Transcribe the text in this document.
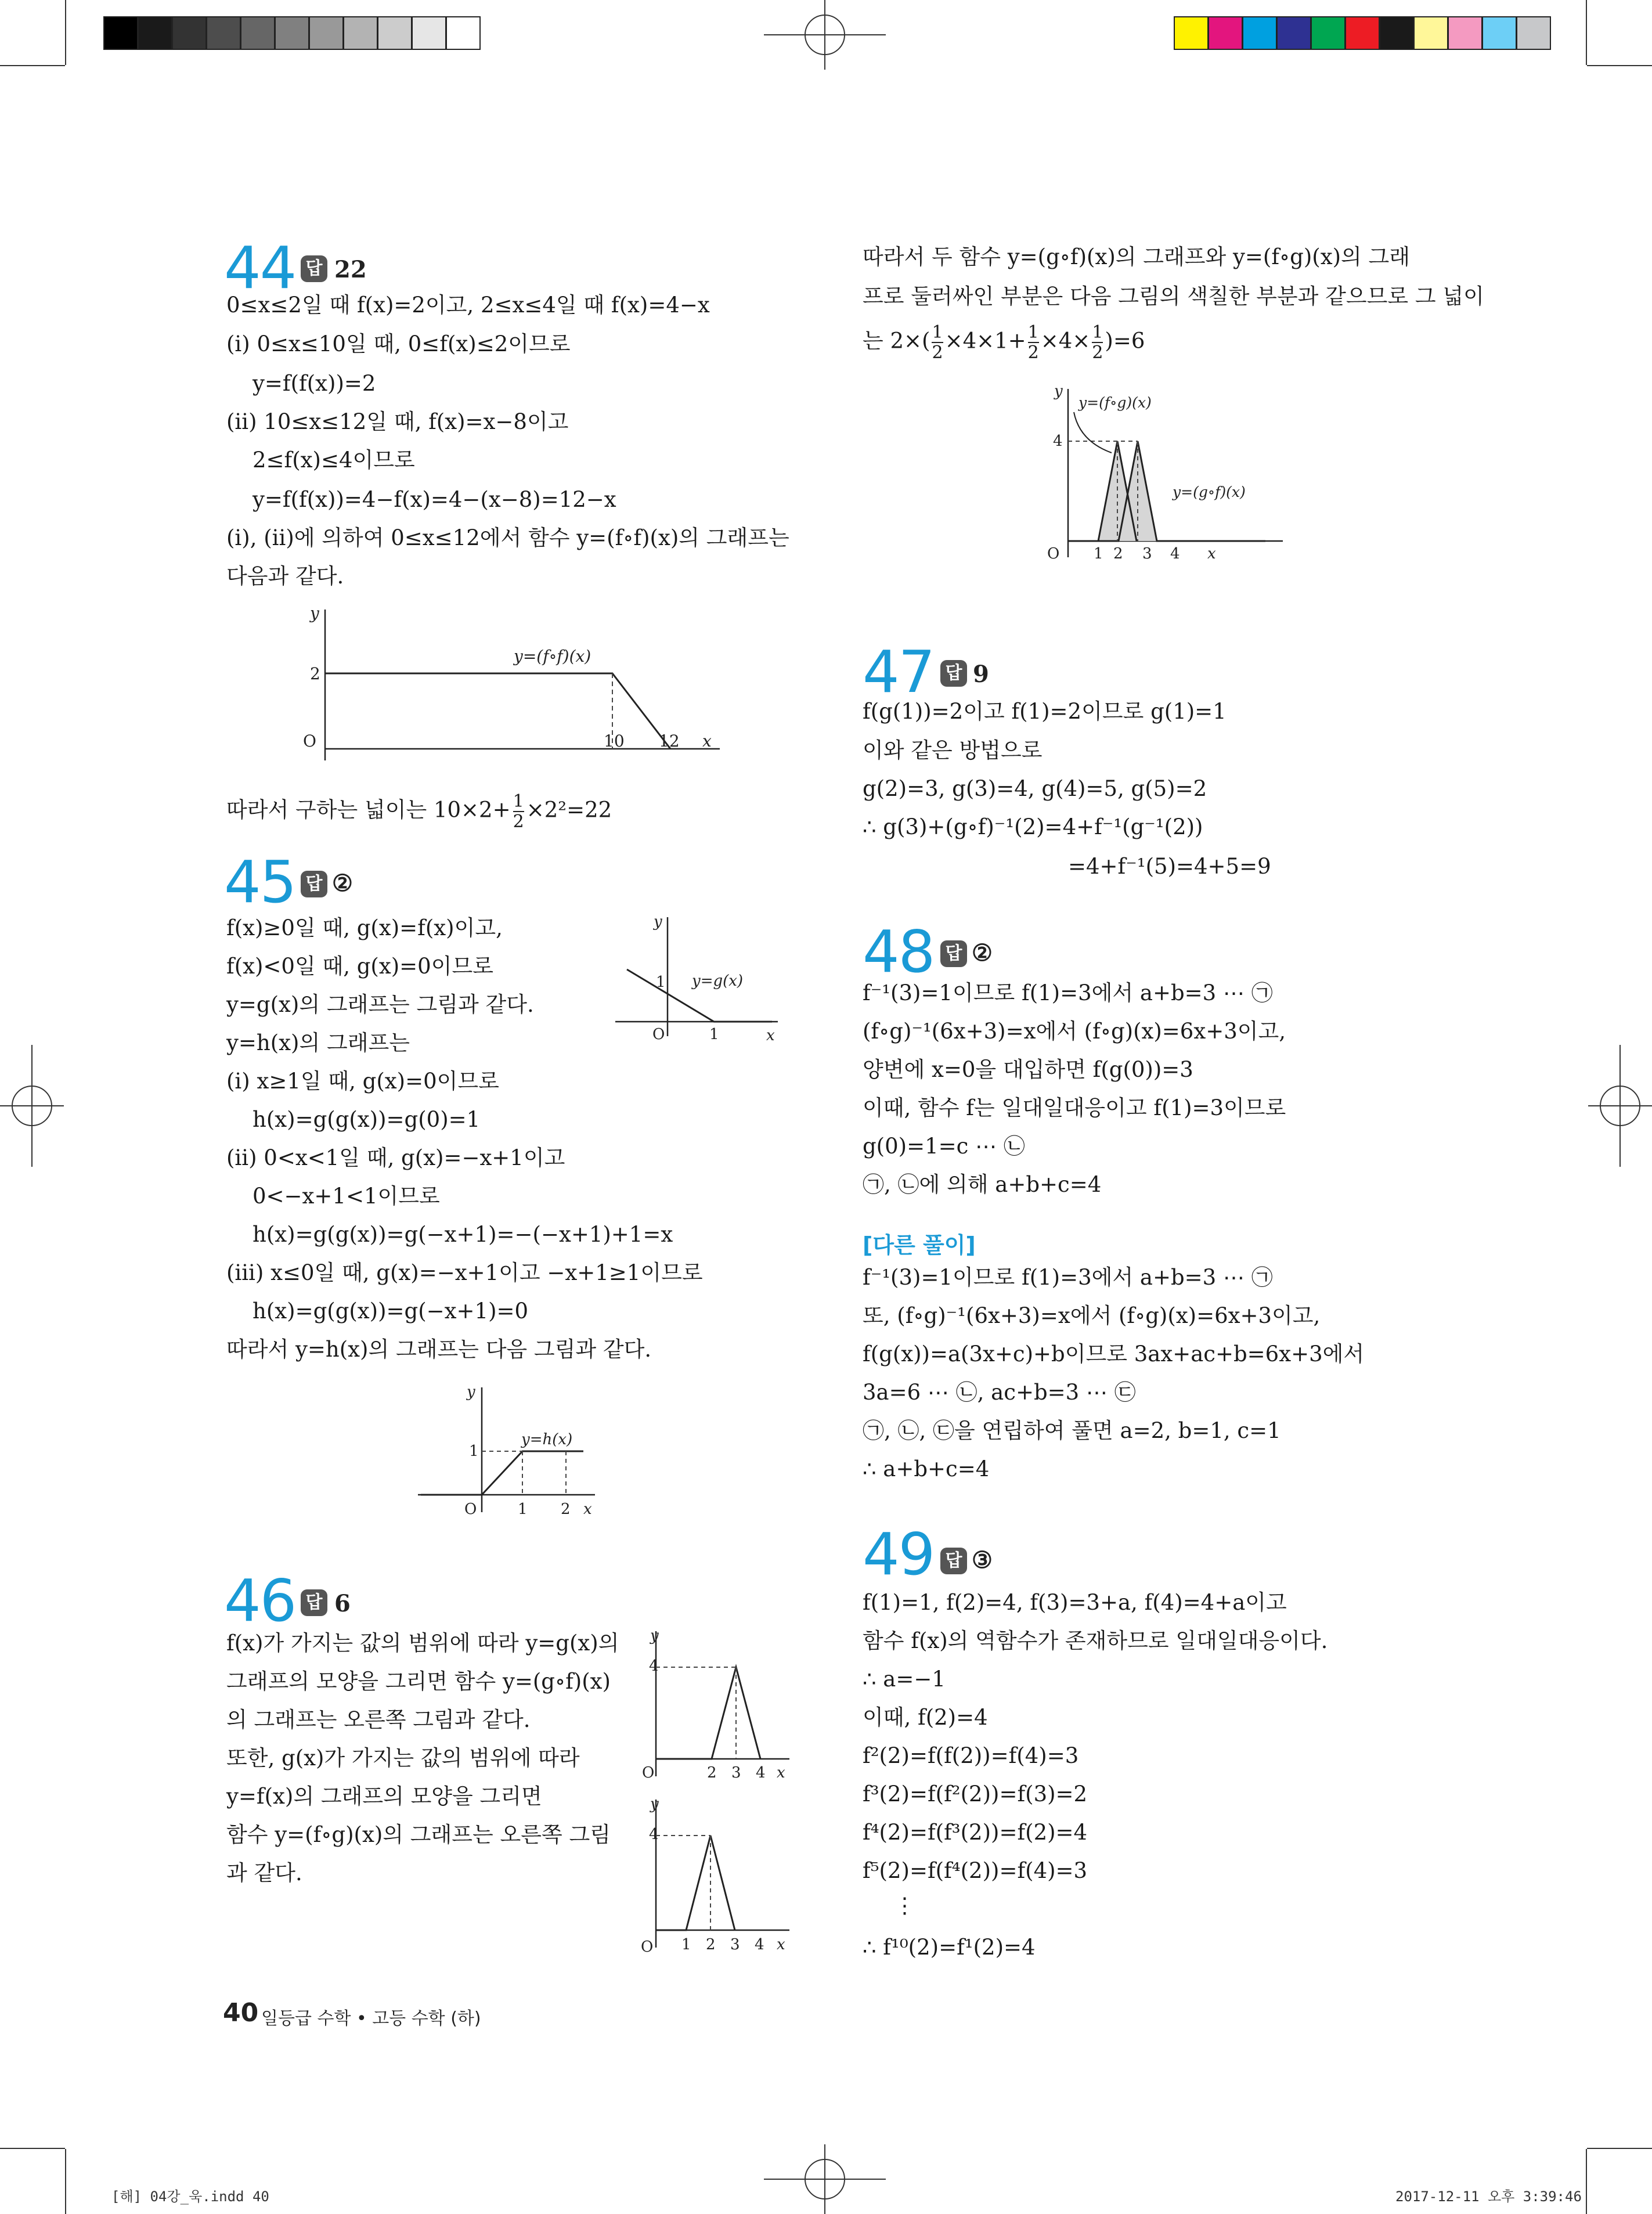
44 답 22
0≤x≤2일 때 f(x)=2이고, 2≤x≤4일 때 f(x)=4−x
(ⅰ) 0≤x≤10일 때, 0≤f(x)≤2이므로
y=f(f(x))=2
(ⅱ) 10≤x≤12일 때, f(x)=x−8이고
2≤f(x)≤4이므로
y=f(f(x))=4−f(x)=4−(x−8)=12−x
(ⅰ), (ⅱ)에 의하여 0≤x≤12에서 함수 y=(f∘f)(x)의 그래프는
다음과 같다.
y
x
O
2
10 12
y=(f∘f)(x)
따라서 구하는 넓이는 $10\times 2+ \frac{1}{2} \times 2^2=22$
45 답 ②
f(x)≥0일 때, g(x)=f(x)이고,
f(x)<0일 때, g(x)=0이므로
y=g(x)의 그래프는 그림과 같다.
y=h(x)의 그래프는
(ⅰ) x≥1일 때, g(x)=0이므로
h(x)=g(g(x))=g(0)=1
(ⅱ) 0<x<1일 때, g(x)=−x+1이고
0<−x+1<1이므로
h(x)=g(g(x))=g(−x+1)=−(−x+1)+1=x
(ⅲ) x≤0일 때, g(x)=−x+1이고 −x+1≥1이므로
h(x)=g(g(x))=g(−x+1)=0
따라서 y=h(x)의 그래프는 다음 그림과 같다.
y
x
O
1
1
y=g(x)
y
x
O
1
1 2
y=h(x)
46 답 6
f(x)가 가지는 값의 범위에 따라 y=g(x)의
그래프의 모양을 그리면 함수 y=(g∘f)(x)
의 그래프는 오른쪽 그림과 같다.
또한, g(x)가 가지는 값의 범위에 따라
y=f(x)의 그래프의 모양을 그리면
함수 y=(f∘g)(x)의 그래프는 오른쪽 그림
과 같다.
y
x
O
4
2 3 4
y
x
O
4
1 2 3 4
따라서 두 함수 y=(g∘f)(x)의 그래프와 y=(f∘g)(x)의 그래
프로 둘러싸인 부분은 다음 그림의 색칠한 부분과 같으므로 그 넓이
는 $2\times( \frac{1}{2} \times 4\times 1+ \frac{1}{2} \times 4\times \frac{1}{2} )=6$
y
x
O
4
1 2 3 4
y=(f∘g)(x)
y=(g∘f)(x)
47 답 9
f(g(1))=2이고 f(1)=2이므로 g(1)=1
이와 같은 방법으로
g(2)=3, g(3)=4, g(4)=5, g(5)=2
∴ g(3)+(g∘f)⁻¹(2)=4+f⁻¹(g⁻¹(2))
=4+f⁻¹(5)=4+5=9
48 답 ②
f⁻¹(3)=1이므로 f(1)=3에서 a+b=3 ⋯ ㉠
(f∘g)⁻¹(6x+3)=x에서 (f∘g)(x)=6x+3이고,
양변에 x=0을 대입하면 f(g(0))=3
이때, 함수 f는 일대일대응이고 f(1)=3이므로
g(0)=1=c ⋯ ㉡
㉠, ㉡에 의해 a+b+c=4
[다른 풀이]
f⁻¹(3)=1이므로 f(1)=3에서 a+b=3 ⋯ ㉠
또, (f∘g)⁻¹(6x+3)=x에서 (f∘g)(x)=6x+3이고,
f(g(x))=a(3x+c)+b이므로 3ax+ac+b=6x+3에서
3a=6 ⋯ ㉡, ac+b=3 ⋯ ㉢
㉠, ㉡, ㉢을 연립하여 풀면 a=2, b=1, c=1
∴ a+b+c=4
49 답 ③
f(1)=1, f(2)=4, f(3)=3+a, f(4)=4+a이고
함수 f(x)의 역함수가 존재하므로 일대일대응이다.
∴ a=−1
이때, f(2)=4
f²(2)=f(f(2))=f(4)=3
f³(2)=f(f²(2))=f(3)=2
f⁴(2)=f(f³(2))=f(2)=4
f⁵(2)=f(f⁴(2))=f(4)=3
⋮
∴ f¹⁰(2)=f¹(2)=4
40 일등급 수학 • 고등 수학 (하)
[해] 04강_욱.indd 40	2017-12-11 오후 3:39:46
